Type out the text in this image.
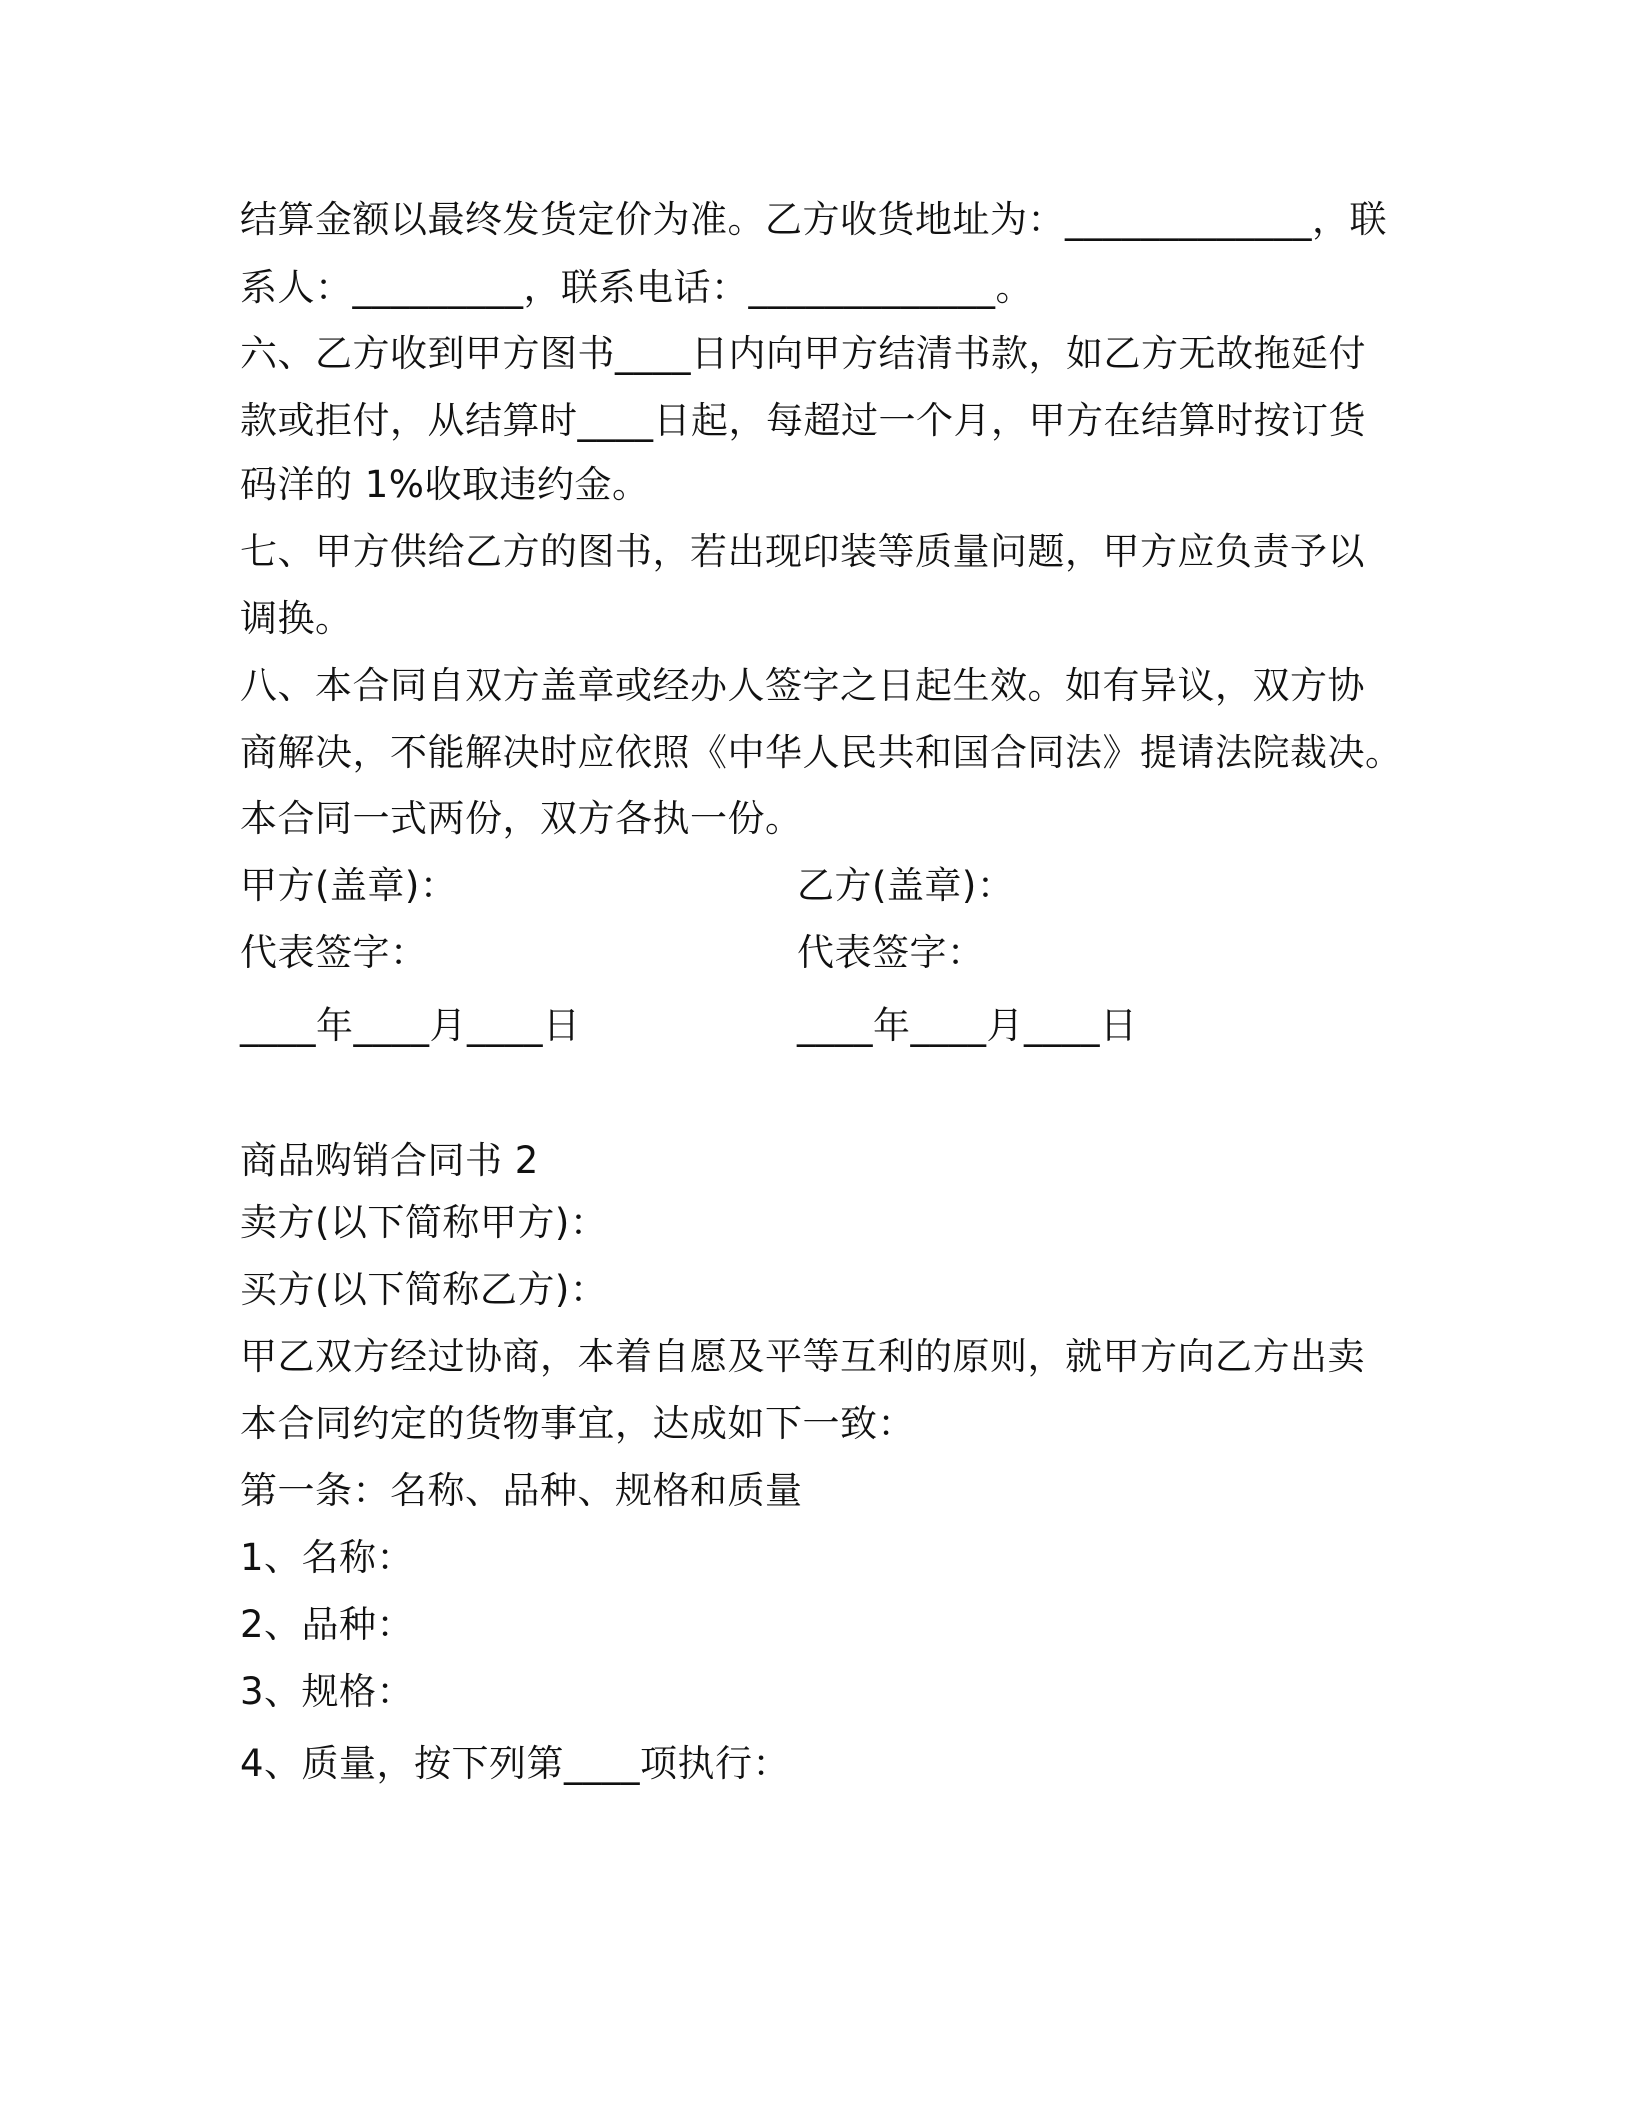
结算金额以最终发货定价为准。乙方收货地址为：_____________，联
系人：_________，联系电话：_____________。
六、乙方收到甲方图书____日内向甲方结清书款，如乙方无故拖延付
款或拒付，从结算时____日起，每超过一个月，甲方在结算时按订货
码洋的 1%收取违约金。
七、甲方供给乙方的图书，若出现印装等质量问题，甲方应负责予以
调换。
八、本合同自双方盖章或经办人签字之日起生效。如有异议，双方协
商解决，不能解决时应依照《中华人民共和国合同法》提请法院裁决。
本合同一式两份，双方各执一份。
甲方(盖章)：	乙方(盖章)：
代表签字：	代表签字：
____年____月____日	____年____月____日
商品购销合同书 2
卖方(以下简称甲方)：
买方(以下简称乙方)：
甲乙双方经过协商，本着自愿及平等互利的原则，就甲方向乙方出卖
本合同约定的货物事宜，达成如下一致：
第一条：名称、品种、规格和质量
1、名称：
2、品种：
3、规格：
4、质量，按下列第____项执行：
